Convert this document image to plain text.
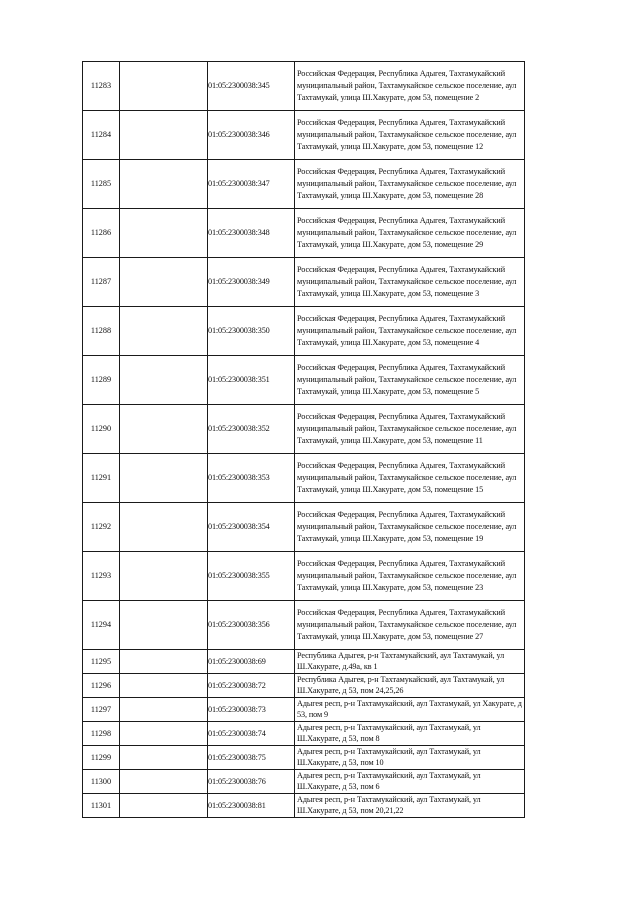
11283		01:05:2300038:345	Российская Федерация, Республика Адыгея, Тахтамукайский муниципальный район, Тахтамукайское сельское поселение, аул Тахтамукай, улица Ш.Хакурате, дом 53, помещение 2
11284		01:05:2300038:346	Российская Федерация, Республика Адыгея, Тахтамукайский муниципальный район, Тахтамукайское сельское поселение, аул Тахтамукай, улица Ш.Хакурате, дом 53, помещение 12
11285		01:05:2300038:347	Российская Федерация, Республика Адыгея, Тахтамукайский муниципальный район, Тахтамукайское сельское поселение, аул Тахтамукай, улица Ш.Хакурате, дом 53, помещение 28
11286		01:05:2300038:348	Российская Федерация, Республика Адыгея, Тахтамукайский муниципальный район, Тахтамукайское сельское поселение, аул Тахтамукай, улица Ш.Хакурате, дом 53, помещение 29
11287		01:05:2300038:349	Российская Федерация, Республика Адыгея, Тахтамукайский муниципальный район, Тахтамукайское сельское поселение, аул Тахтамукай, улица Ш.Хакурате, дом 53, помещение 3
11288		01:05:2300038:350	Российская Федерация, Республика Адыгея, Тахтамукайский муниципальный район, Тахтамукайское сельское поселение, аул Тахтамукай, улица Ш.Хакурате, дом 53, помещение 4
11289		01:05:2300038:351	Российская Федерация, Республика Адыгея, Тахтамукайский муниципальный район, Тахтамукайское сельское поселение, аул Тахтамукай, улица Ш.Хакурате, дом 53, помещение 5
11290		01:05:2300038:352	Российская Федерация, Республика Адыгея, Тахтамукайский муниципальный район, Тахтамукайское сельское поселение, аул Тахтамукай, улица Ш.Хакурате, дом 53, помещение 11
11291		01:05:2300038:353	Российская Федерация, Республика Адыгея, Тахтамукайский муниципальный район, Тахтамукайское сельское поселение, аул Тахтамукай, улица Ш.Хакурате, дом 53, помещение 15
11292		01:05:2300038:354	Российская Федерация, Республика Адыгея, Тахтамукайский муниципальный район, Тахтамукайское сельское поселение, аул Тахтамукай, улица Ш.Хакурате, дом 53, помещение 19
11293		01:05:2300038:355	Российская Федерация, Республика Адыгея, Тахтамукайский муниципальный район, Тахтамукайское сельское поселение, аул Тахтамукай, улица Ш.Хакурате, дом 53, помещение 23
11294		01:05:2300038:356	Российская Федерация, Республика Адыгея, Тахтамукайский муниципальный район, Тахтамукайское сельское поселение, аул Тахтамукай, улица Ш.Хакурате, дом 53, помещение 27
11295		01:05:2300038:69	Республика Адыгея, р-н Тахтамукайский, аул Тахтамукай, ул Ш.Хакурате, д.49а, кв 1
11296		01:05:2300038:72	Республика Адыгея, р-н Тахтамукайский, аул Тахтамукай, ул Ш.Хакурате, д 53, пом 24,25,26
11297		01:05:2300038:73	Адыгея респ, р-н Тахтамукайский, аул Тахтамукай, ул Хакурате, д 53, пом 9
11298		01:05:2300038:74	Адыгея респ, р-н Тахтамукайский, аул Тахтамукай, ул Ш.Хакурате, д 53, пом 8
11299		01:05:2300038:75	Адыгея респ, р-н Тахтамукайский, аул Тахтамукай, ул Ш.Хакурате, д 53, пом 10
11300		01:05:2300038:76	Адыгея респ, р-н Тахтамукайский, аул Тахтамукай, ул Ш.Хакурате, д 53, пом 6
11301		01:05:2300038:81	Адыгея респ, р-н Тахтамукайский, аул Тахтамукай, ул Ш.Хакурате, д 53, пом 20,21,22
